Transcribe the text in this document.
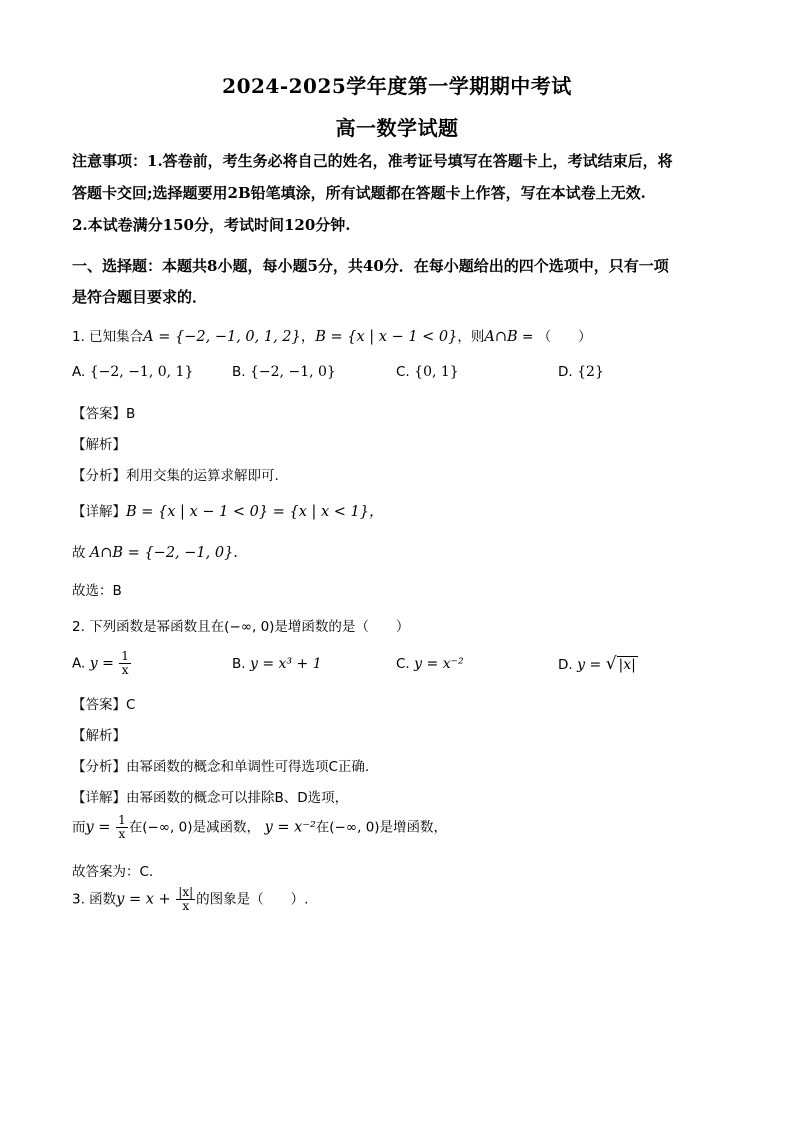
2024-2025学年度第一学期期中考试
高一数学试题
注意事项：1.答卷前，考生务必将自己的姓名，准考证号填写在答题卡上，考试结束后，将
答题卡交回;选择题要用2B铅笔填涂，所有试题都在答题卡上作答，写在本试卷上无效.
2.本试卷满分150分，考试时间120分钟.
一、选择题：本题共8小题，每小题5分，共40分．在每小题给出的四个选项中，只有一项
是符合题目要求的．
1. 已知集合A = {−2, −1, 0, 1, 2}，B = {x | x − 1 < 0}，则A∩B = （　　）
A. {−2, −1, 0, 1}	B. {−2, −1, 0}	C. {0, 1}	D. {2}
【答案】B
【解析】
【分析】利用交集的运算求解即可.
【详解】B = {x | x − 1 < 0} = {x | x < 1}，
故 A∩B = {−2, −1, 0}.
故选：B
2. 下列函数是幂函数且在(−∞, 0)是增函数的是（　　）
A. $y = \frac{1}{x}$	B. y = x³ + 1	C. y = x⁻²	D. y = √ |x|
【答案】C
【解析】
【分析】由幂函数的概念和单调性可得选项C正确.
【详解】由幂函数的概念可以排除B、D选项，
而$y = \frac{1}{x}$ 在(−∞, 0)是减函数， y = x⁻²在(−∞, 0)是增函数，
故答案为：C.
3. 函数$y = x + \frac{|x|}{x}$ 的图象是（　　）.
